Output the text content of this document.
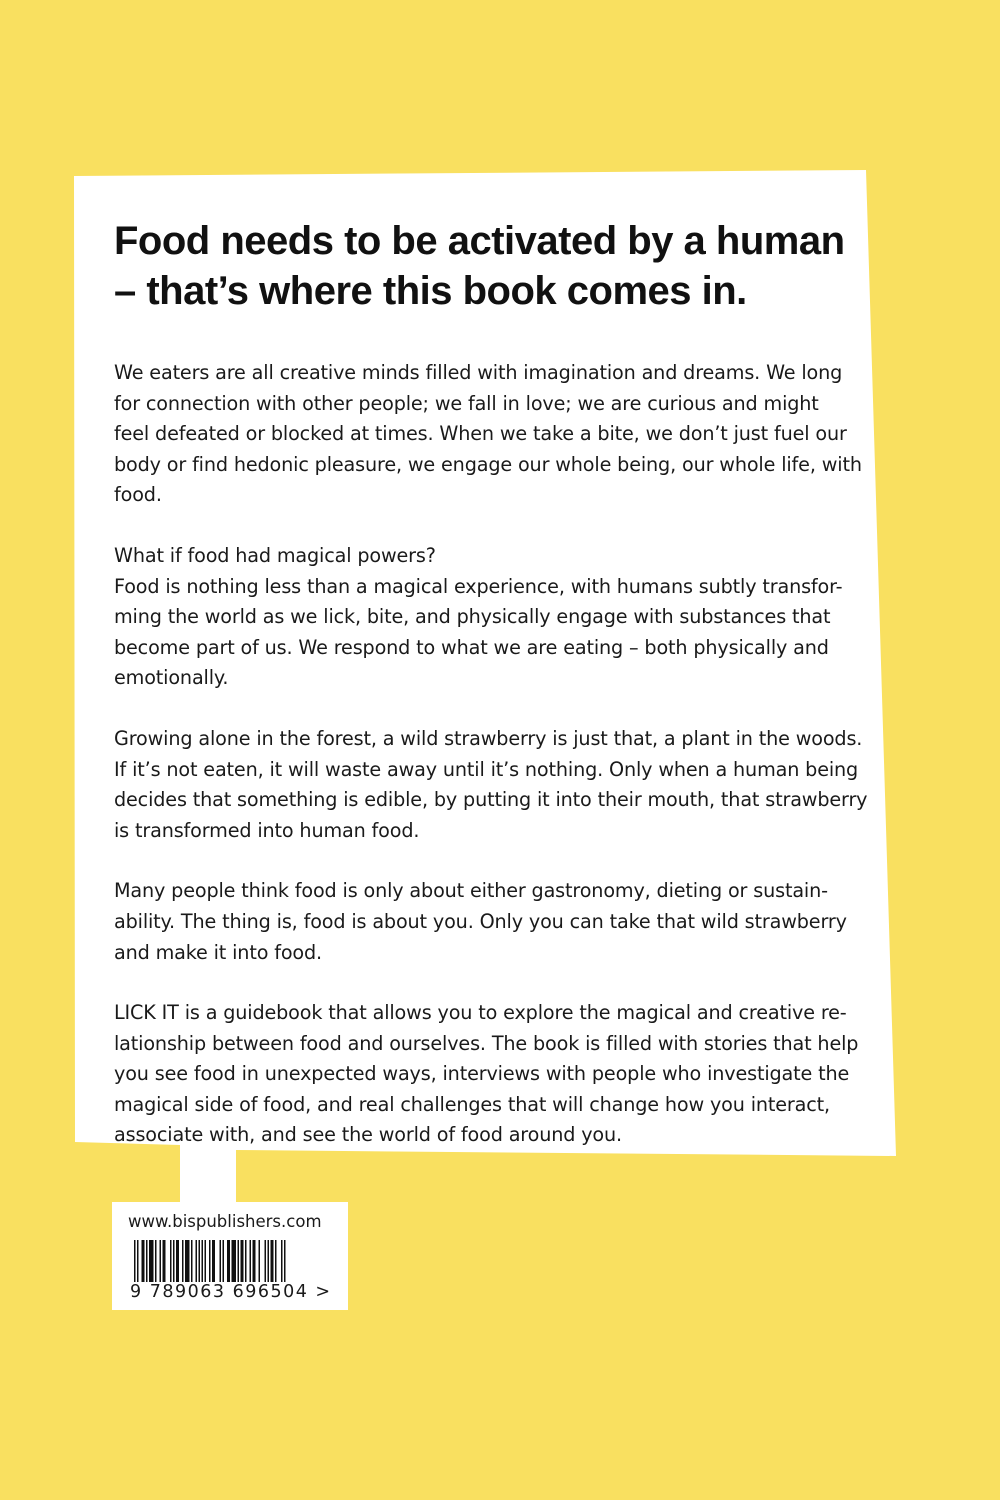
Food needs to be activated by a human
– that’s where this book comes in.

We eaters are all creative minds filled with imagination and dreams. We long
for connection with other people; we fall in love; we are curious and might
feel defeated or blocked at times. When we take a bite, we don’t just fuel our
body or find hedonic pleasure, we engage our whole being, our whole life, with
food.

What if food had magical powers?
Food is nothing less than a magical experience, with humans subtly transfor-
ming the world as we lick, bite, and physically engage with substances that
become part of us. We respond to what we are eating – both physically and
emotionally.

Growing alone in the forest, a wild strawberry is just that, a plant in the woods.
If it’s not eaten, it will waste away until it’s nothing. Only when a human being
decides that something is edible, by putting it into their mouth, that strawberry
is transformed into human food.

Many people think food is only about either gastronomy, dieting or sustain-
ability. The thing is, food is about you. Only you can take that wild strawberry
and make it into food.

LICK IT is a guidebook that allows you to explore the magical and creative re-
lationship between food and ourselves. The book is filled with stories that help
you see food in unexpected ways, interviews with people who investigate the
magical side of food, and real challenges that will change how you interact,
associate with, and see the world of food around you.

www.bispublishers.com
9 789063 696504 >
